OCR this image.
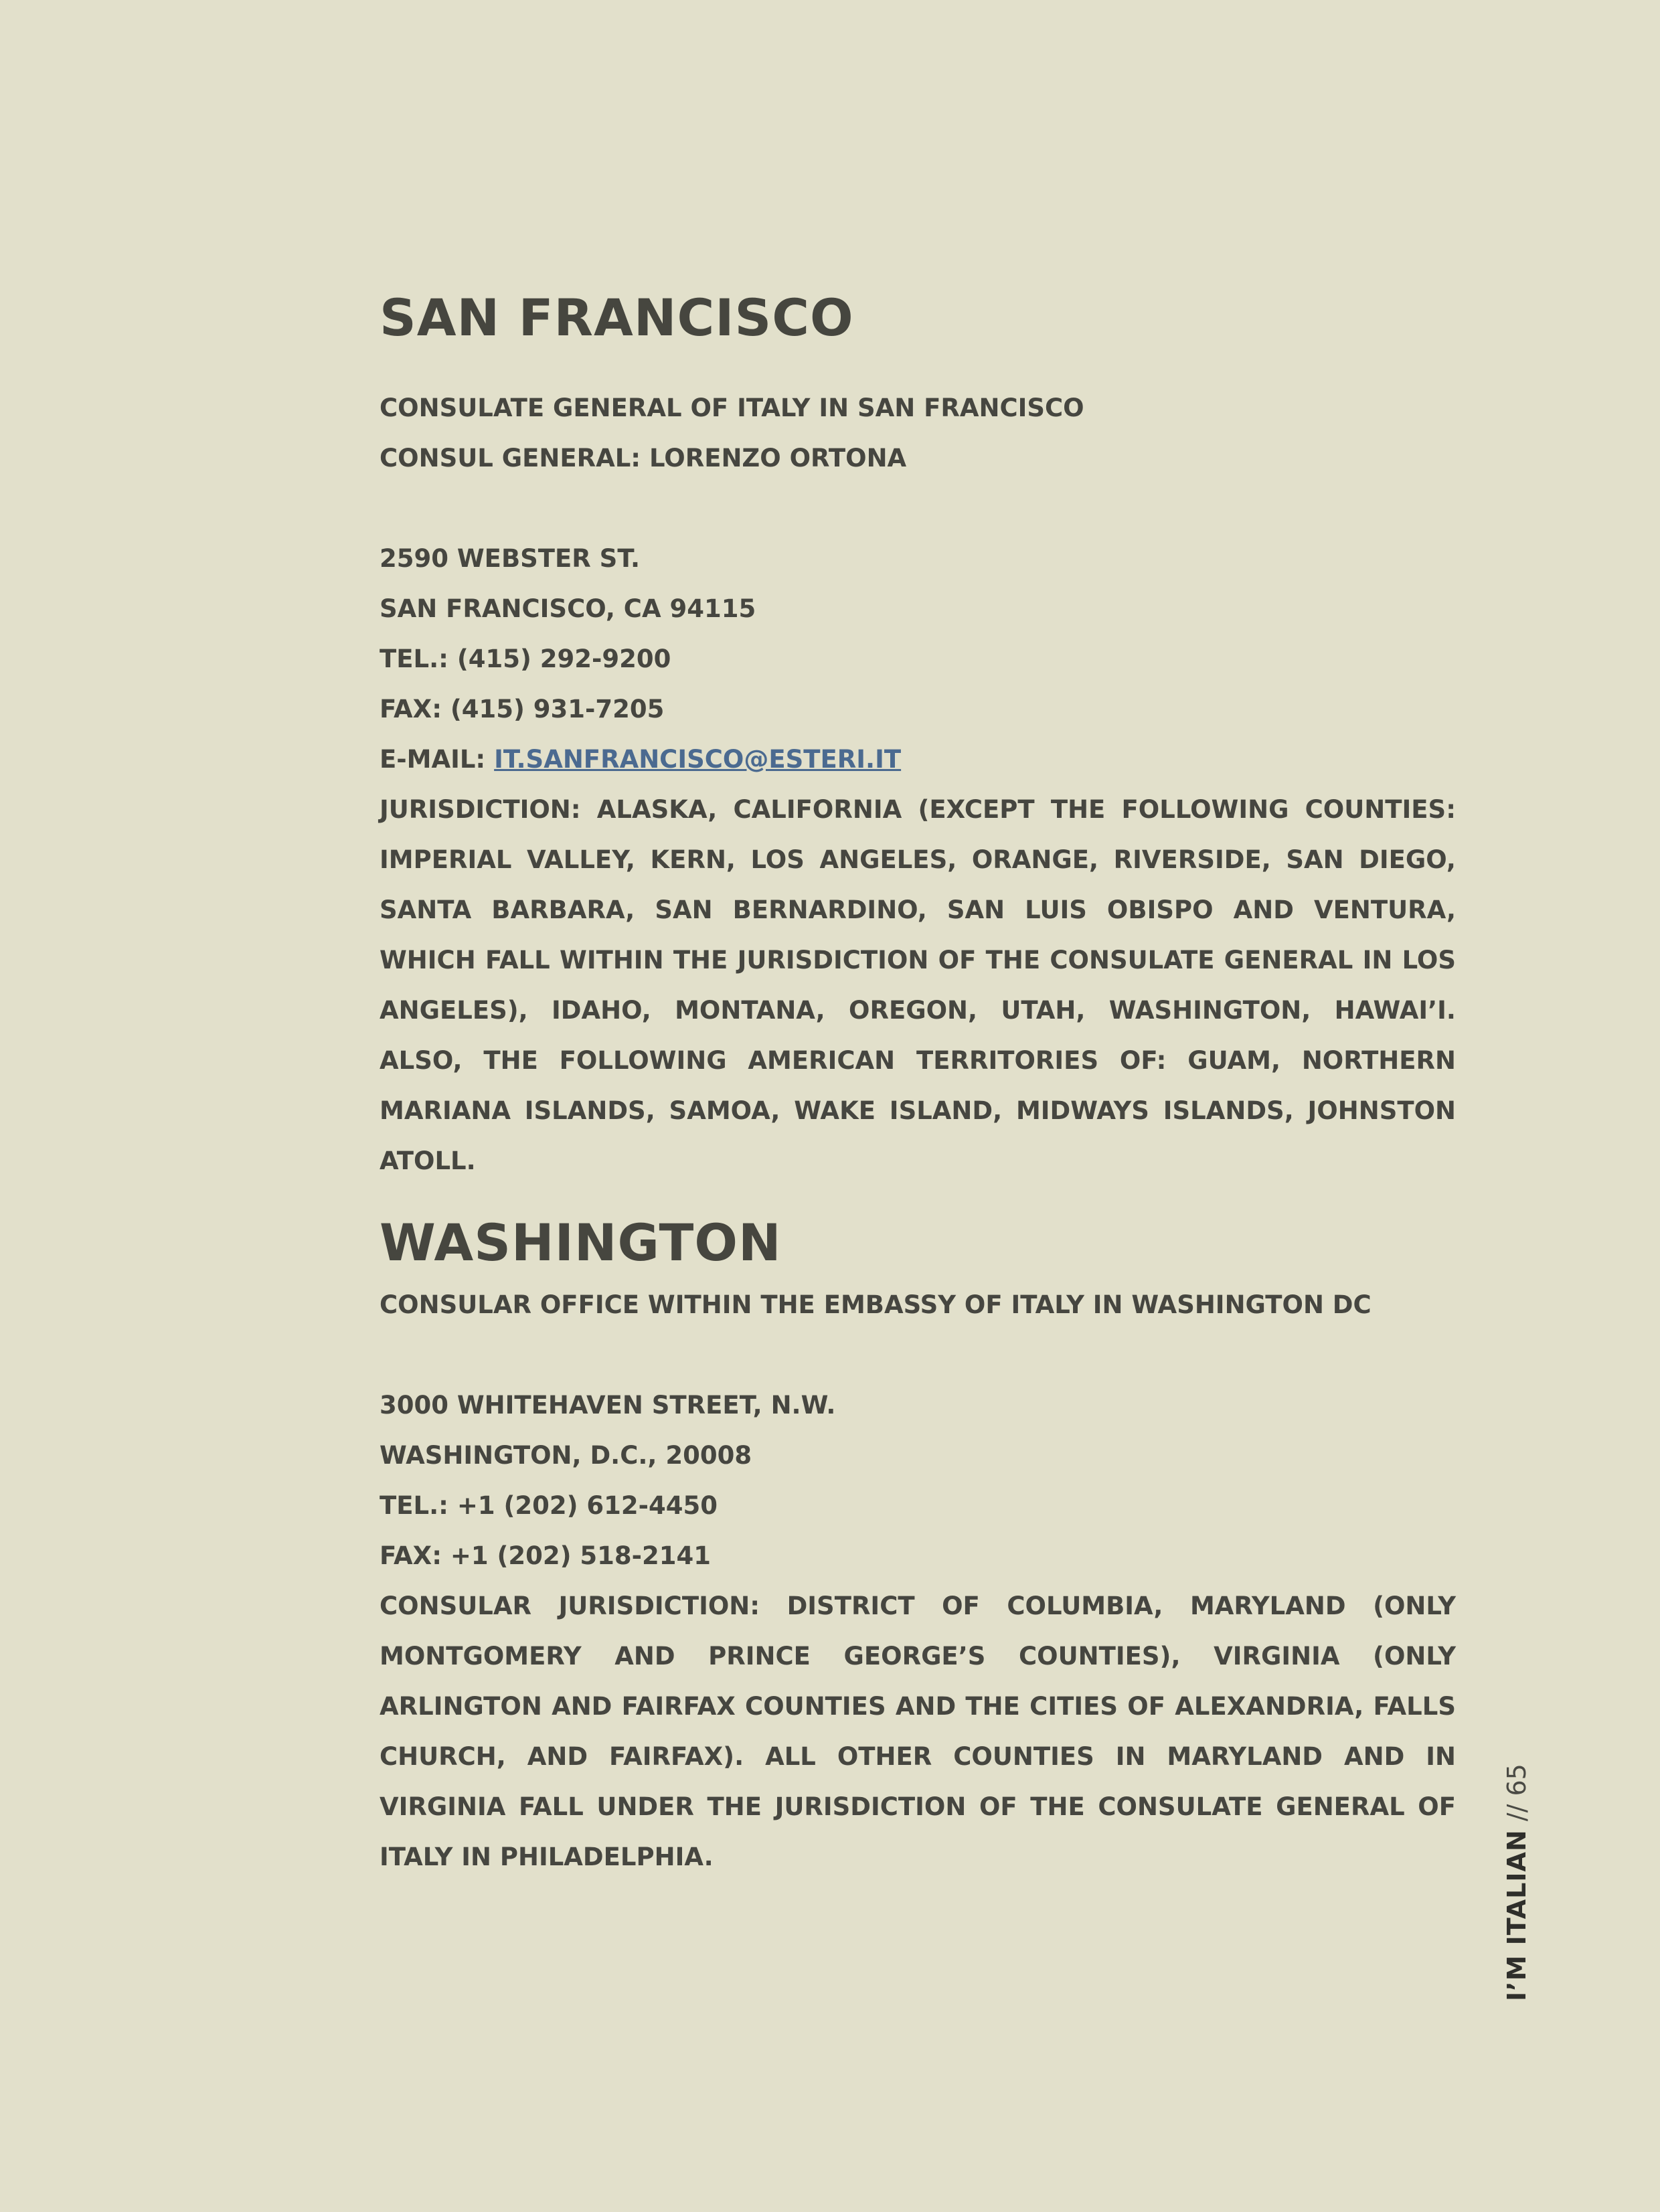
SAN FRANCISCO
CONSULATE GENERAL OF ITALY IN SAN FRANCISCO
CONSUL GENERAL: LORENZO ORTONA
2590 WEBSTER ST.
SAN FRANCISCO, CA 94115
TEL.: (415) 292-9200
FAX: (415) 931-7205
E-MAIL: IT.SANFRANCISCO@ESTERI.IT

JURISDICTION: ALASKA, CALIFORNIA (EXCEPT THE FOLLOWING COUNTIES: IMPERIAL VALLEY, KERN, LOS ANGELES, ORANGE, RIVERSIDE, SAN DIEGO, SANTA BARBARA, SAN BERNARDINO, SAN LUIS OBISPO AND VENTURA, WHICH FALL WITHIN THE JURISDICTION OF THE CONSULATE GENERAL IN LOS ANGELES), IDAHO, MONTANA, OREGON, UTAH, WASHINGTON, HAWAI’I. ALSO, THE FOLLOWING AMERICAN TERRITORIES OF: GUAM, NORTHERN MARIANA ISLANDS, SAMOA, WAKE ISLAND, MIDWAYS ISLANDS, JOHNSTON ATOLL.

WASHINGTON
CONSULAR OFFICE WITHIN THE EMBASSY OF ITALY IN WASHINGTON DC
3000 WHITEHAVEN STREET, N.W.
WASHINGTON, D.C., 20008
TEL.: +1 (202) 612-4450
FAX: +1 (202) 518-2141

CONSULAR JURISDICTION: DISTRICT OF COLUMBIA, MARYLAND (ONLY MONTGOMERY AND PRINCE GEORGE’S COUNTIES), VIRGINIA (ONLY ARLINGTON AND FAIRFAX COUNTIES AND THE CITIES OF ALEXANDRIA, FALLS CHURCH, AND FAIRFAX). ALL OTHER COUNTIES IN MARYLAND AND IN VIRGINIA FALL UNDER THE JURISDICTION OF THE CONSULATE GENERAL OF ITALY IN PHILADELPHIA.	I’M ITALIAN // 65
